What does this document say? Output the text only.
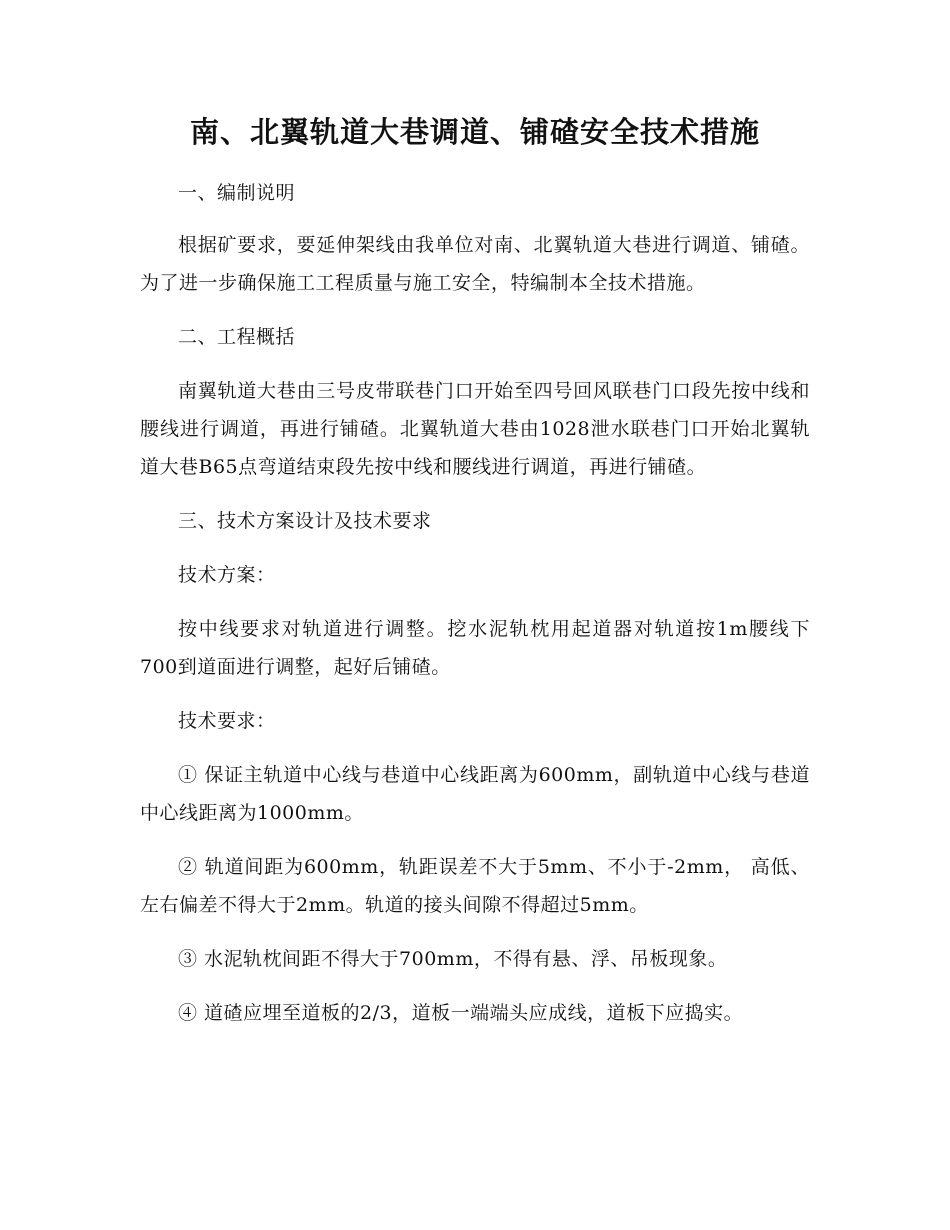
南、北翼轨道大巷调道、铺碴安全技术措施
一、编制说明
根据矿要求，要延伸架线由我单位对南、北翼轨道大巷进行调道、铺碴。为了进一步确保施工工程质量与施工安全，特编制本全技术措施。
二、工程概括
南翼轨道大巷由三号皮带联巷门口开始至四号回风联巷门口段先按中线和腰线进行调道，再进行铺碴。北翼轨道大巷由1028泄水联巷门口开始北翼轨道大巷B65点弯道结束段先按中线和腰线进行调道，再进行铺碴。
三、技术方案设计及技术要求
技术方案：
按中线要求对轨道进行调整。挖水泥轨枕用起道器对轨道按1m腰线下700到道面进行调整，起好后铺碴。
技术要求：
① 保证主轨道中心线与巷道中心线距离为600mm，副轨道中心线与巷道中心线距离为1000mm。
② 轨道间距为600mm，轨距误差不大于5mm、不小于-2mm， 高低、左右偏差不得大于2mm。轨道的接头间隙不得超过5mm。
③ 水泥轨枕间距不得大于700mm，不得有悬、浮、吊板现象。
④ 道碴应埋至道板的2/3，道板一端端头应成线，道板下应捣实。
